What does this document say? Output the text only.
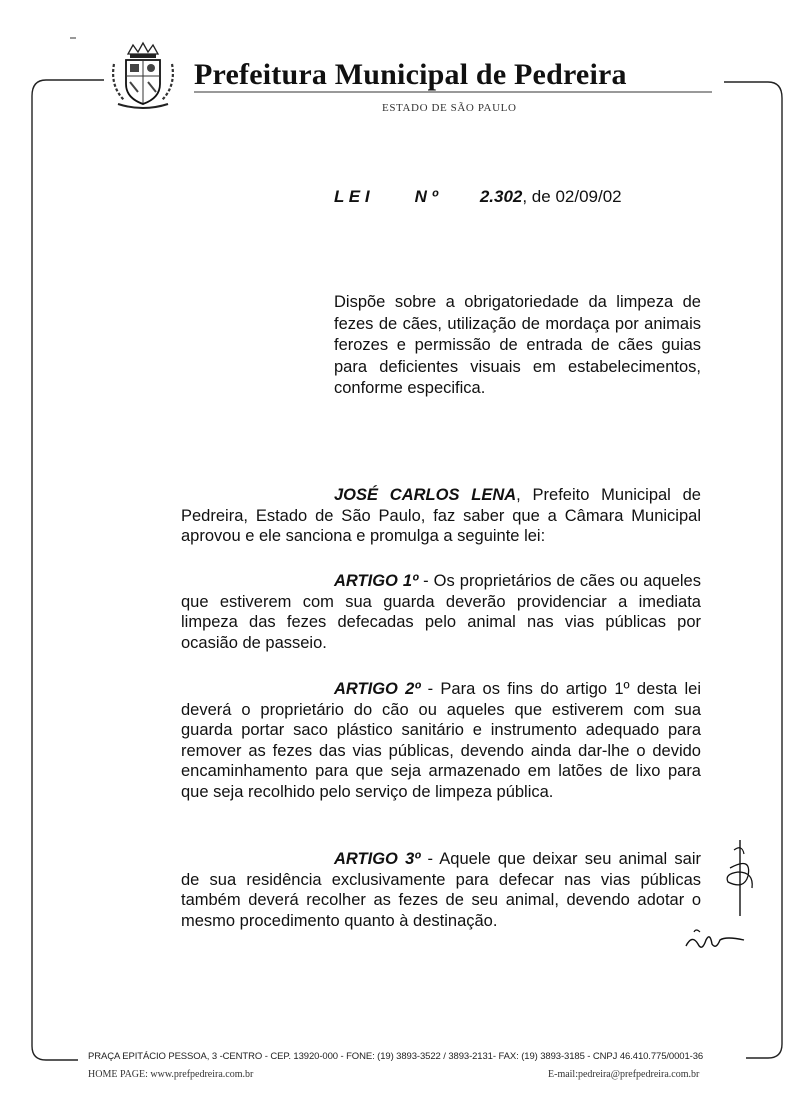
Prefeitura Municipal de Pedreira
ESTADO DE SÃO PAULO
L E I	N º 2.302, de 02/09/02

Dispõe sobre a obrigatoriedade da limpeza de fezes de cães, utilização de mordaça por animais ferozes e permissão de entrada de cães guias para deficientes visuais em estabelecimentos, conforme especifica.

JOSÉ CARLOS LENA, Prefeito Municipal de Pedreira, Estado de São Paulo, faz saber que a Câmara Municipal aprovou e ele sanciona e promulga a seguinte lei:

ARTIGO 1º - Os proprietários de cães ou aqueles que estiverem com sua guarda deverão providenciar a imediata limpeza das fezes defecadas pelo animal nas vias públicas por ocasião de passeio.

ARTIGO 2º - Para os fins do artigo 1º desta lei deverá o proprietário do cão ou aqueles que estiverem com sua guarda portar saco plástico sanitário e instrumento adequado para remover as fezes das vias públicas, devendo ainda dar-lhe o devido encaminhamento para que seja armazenado em latões de lixo para que seja recolhido pelo serviço de limpeza pública.

ARTIGO 3º - Aquele que deixar seu animal sair de sua residência exclusivamente para defecar nas vias públicas também deverá recolher as fezes de seu animal, devendo adotar o mesmo procedimento quanto à destinação.

PRAÇA EPITÁCIO PESSOA, 3 -CENTRO - CEP. 13920-000 - FONE: (19) 3893-3522 / 3893-2131- FAX: (19) 3893-3185 - CNPJ 46.410.775/0001-36
HOME PAGE: www.prefpedreira.com.br	E-mail:pedreira@prefpedreira.com.br
